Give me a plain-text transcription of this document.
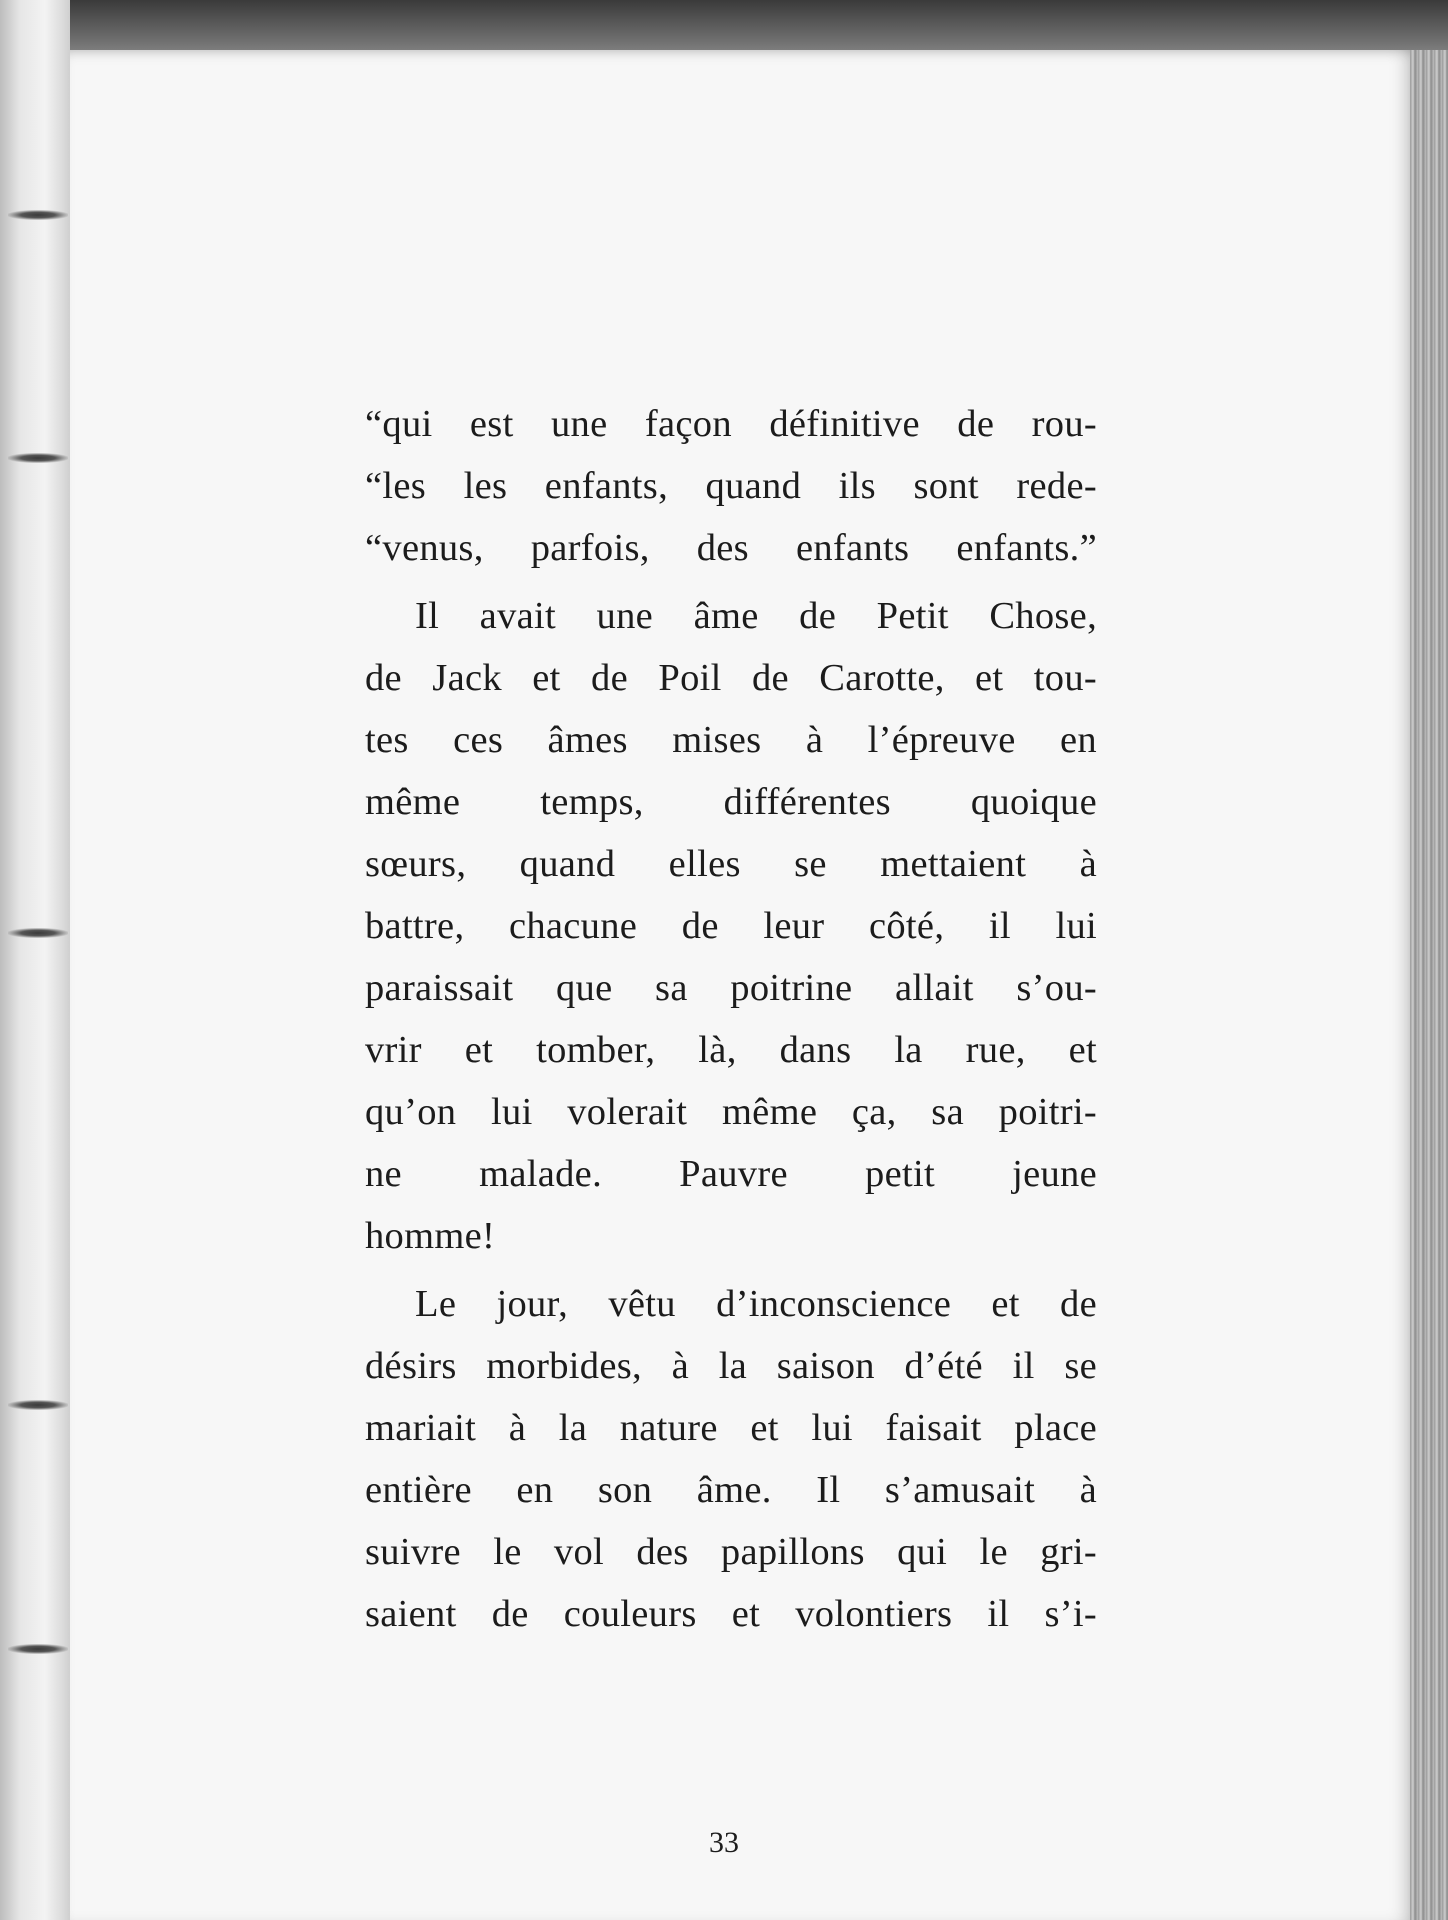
“qui est une façon définitive de rou-
“les les enfants, quand ils sont rede-
“venus, parfois, des enfants enfants.”
Il avait une âme de Petit Chose,
de Jack et de Poil de Carotte, et tou-
tes ces âmes mises à l’épreuve en
même temps, différentes quoique
sœurs, quand elles se mettaient à
battre, chacune de leur côté, il lui
paraissait que sa poitrine allait s’ou-
vrir et tomber, là, dans la rue, et
qu’on lui volerait même ça, sa poitri-
ne malade. Pauvre petit jeune
homme!
Le jour, vêtu d’inconscience et de
désirs morbides, à la saison d’été il se
mariait à la nature et lui faisait place
entière en son âme. Il s’amusait à
suivre le vol des papillons qui le gri-
saient de couleurs et volontiers il s’i-
33
